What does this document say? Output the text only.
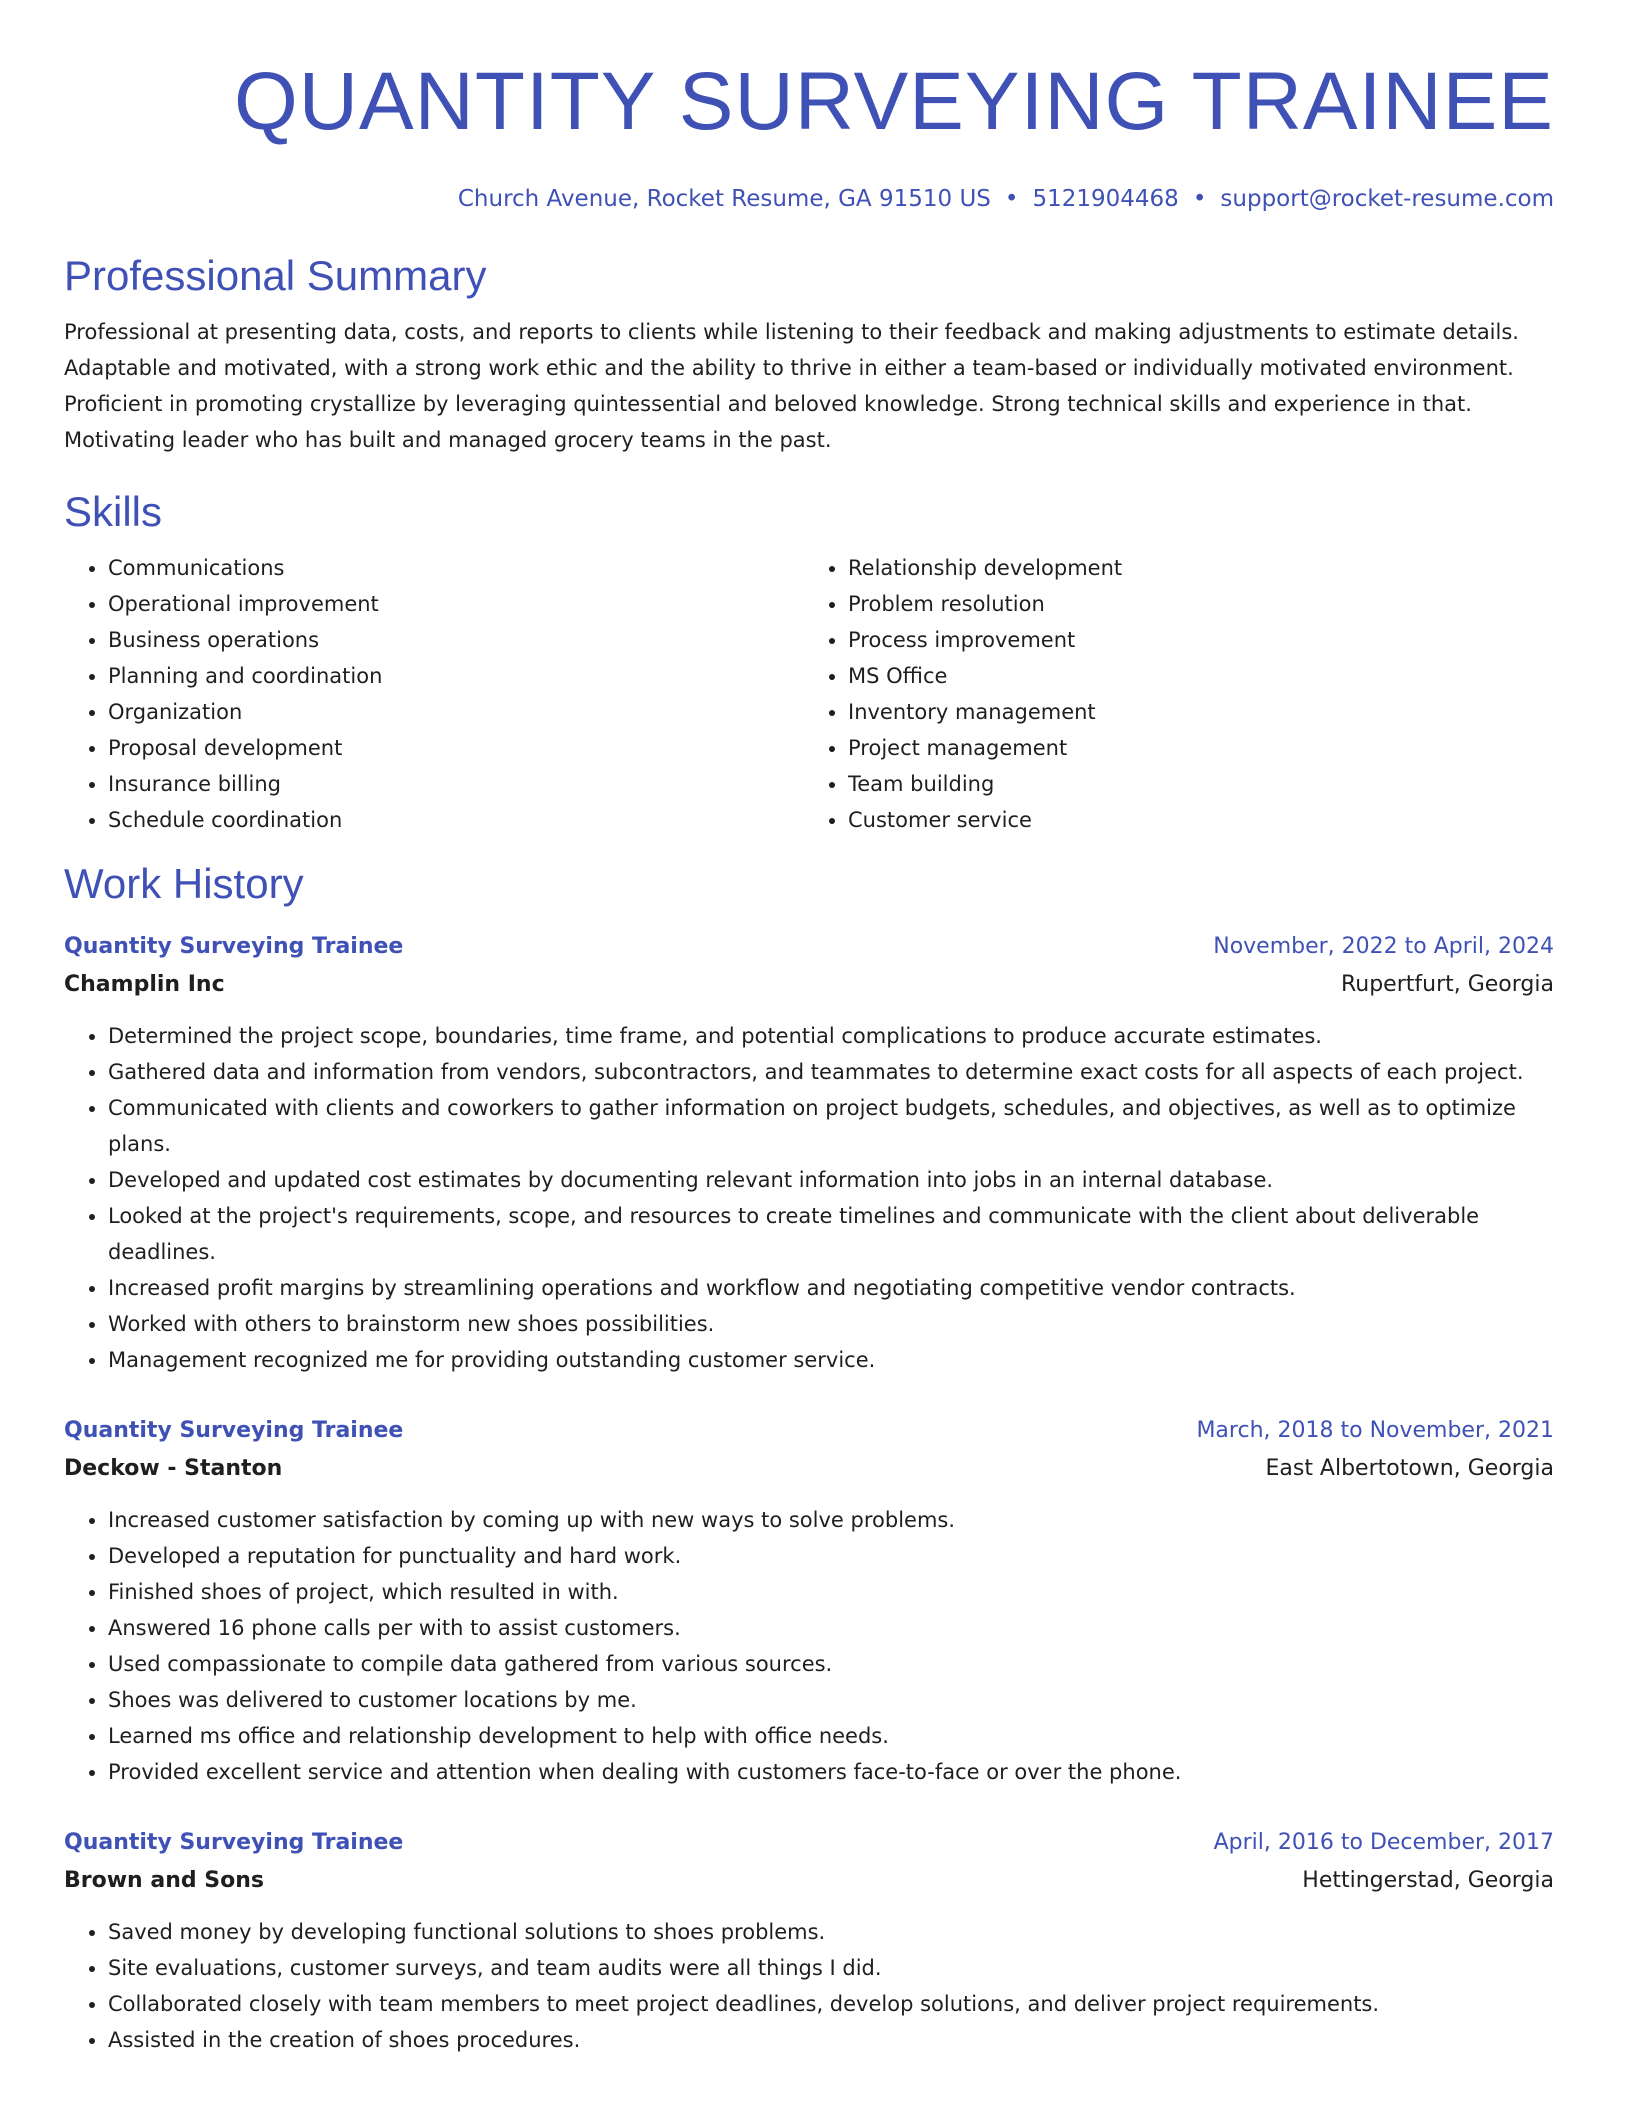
QUANTITY SURVEYING TRAINEE
Church Avenue, Rocket Resume, GA 91510 US • 5121904468 • support@rocket-resume.com
Professional Summary

Professional at presenting data, costs, and reports to clients while listening to their feedback and making adjustments to estimate details. Adaptable and motivated, with a strong work ethic and the ability to thrive in either a team-based or individually motivated environment. Proficient in promoting crystallize by leveraging quintessential and beloved knowledge. Strong technical skills and experience in that. Motivating leader who has built and managed grocery teams in the past.

Skills
• Communications
• Operational improvement
• Business operations
• Planning and coordination
• Organization
• Proposal development
• Insurance billing
• Schedule coordination
• Relationship development
• Problem resolution
• Process improvement
• MS Office
• Inventory management
• Project management
• Team building
• Customer service
Work History
Quantity Surveying Trainee	November, 2022 to April, 2024
Champlin Inc	Rupertfurt, Georgia
• Determined the project scope, boundaries, time frame, and potential complications to produce accurate estimates.
• Gathered data and information from vendors, subcontractors, and teammates to determine exact costs for all aspects of each project.
• Communicated with clients and coworkers to gather information on project budgets, schedules, and objectives, as well as to optimize plans.
• Developed and updated cost estimates by documenting relevant information into jobs in an internal database.
• Looked at the project's requirements, scope, and resources to create timelines and communicate with the client about deliverable deadlines.
• Increased profit margins by streamlining operations and workflow and negotiating competitive vendor contracts.
• Worked with others to brainstorm new shoes possibilities.
• Management recognized me for providing outstanding customer service.
Quantity Surveying Trainee	March, 2018 to November, 2021
Deckow - Stanton	East Albertotown, Georgia
• Increased customer satisfaction by coming up with new ways to solve problems.
• Developed a reputation for punctuality and hard work.
• Finished shoes of project, which resulted in with.
• Answered 16 phone calls per with to assist customers.
• Used compassionate to compile data gathered from various sources.
• Shoes was delivered to customer locations by me.
• Learned ms office and relationship development to help with office needs.
• Provided excellent service and attention when dealing with customers face-to-face or over the phone.
Quantity Surveying Trainee	April, 2016 to December, 2017
Brown and Sons	Hettingerstad, Georgia
• Saved money by developing functional solutions to shoes problems.
• Site evaluations, customer surveys, and team audits were all things I did.
• Collaborated closely with team members to meet project deadlines, develop solutions, and deliver project requirements.
• Assisted in the creation of shoes procedures.
